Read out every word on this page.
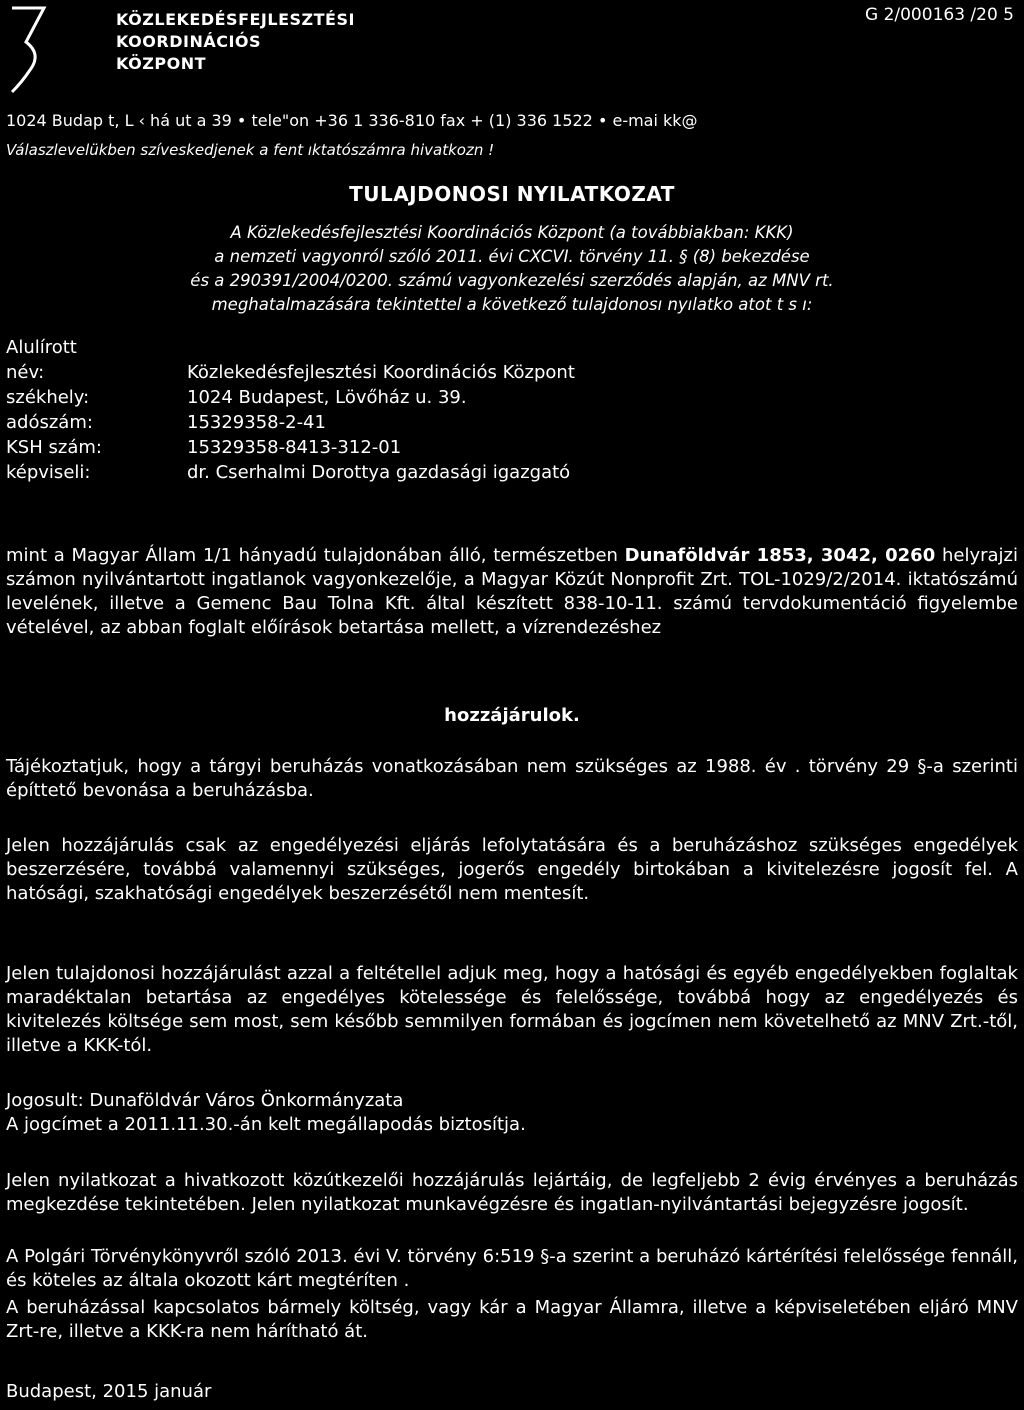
KÖZLEKEDÉSFEJLESZTÉSI
KOORDINÁCIÓS
KÖZPONT
G 2/000163 /20 5
1024 Budap t, L ‹ há ut a 39 • tele"on +36 1 336-810 fax + (1) 336 1522 • e-mai kk@
Válaszlevelükben szíveskedjenek a fent ıktatószámra hivatkozn !
TULAJDONOSI NYILATKOZAT
A Közlekedésfejlesztési Koordinációs Központ (a továbbiakban: KKK)
a nemzeti vagyonról szóló 2011. évi CXCVI. törvény 11. § (8) bekezdése
és a 290391/2004/0200. számú vagyonkezelési szerződés alapján, az MNV rt.
meghatalmazására tekintettel a következő tulajdonosı nyılatko atot t s ı:
Alulírott
név:	Közlekedésfejlesztési Koordinációs Központ
székhely:	1024 Budapest, Lövőház u. 39.
adószám:	15329358-2-41
KSH szám:	15329358-8413-312-01
képviseli:	dr. Cserhalmi Dorottya gazdasági igazgató
mint a Magyar Állam 1/1 hányadú tulajdonában álló, természetben Dunaföldvár 1853, 3042, 0260 helyrajzi számon nyilvántartott ingatlanok vagyonkezelője, a Magyar Közút Nonprofit Zrt. TOL-1029/2/2014. iktatószámú levelének, illetve a Gemenc Bau Tolna Kft. által készített 838-10-11. számú tervdokumentáció figyelembe vételével, az abban foglalt előírások betartása mellett, a vízrendezéshez
hozzájárulok.
Tájékoztatjuk, hogy a tárgyi beruházás vonatkozásában nem szükséges az 1988. év . törvény 29 §-a szerinti építtető bevonása a beruházásba.
Jelen hozzájárulás csak az engedélyezési eljárás lefolytatására és a beruházáshoz szükséges engedélyek beszerzésére, továbbá valamennyi szükséges, jogerős engedély birtokában a kivitelezésre jogosít fel. A hatósági, szakhatósági engedélyek beszerzésétől nem mentesít.
Jelen tulajdonosi hozzájárulást azzal a feltétellel adjuk meg, hogy a hatósági és egyéb engedélyekben foglaltak maradéktalan betartása az engedélyes kötelessége és felelőssége, továbbá hogy az engedélyezés és kivitelezés költsége sem most, sem később semmilyen formában és jogcímen nem követelhető az MNV Zrt.-től, illetve a KKK-tól.
Jogosult: Dunaföldvár Város Önkormányzata
A jogcímet a 2011.11.30.-án kelt megállapodás biztosítja.
Jelen nyilatkozat a hivatkozott közútkezelői hozzájárulás lejártáig, de legfeljebb 2 évig érvényes a beruházás megkezdése tekintetében. Jelen nyilatkozat munkavégzésre és ingatlan-nyilvántartási bejegyzésre jogosít.
A Polgári Törvénykönyvről szóló 2013. évi V. törvény 6:519 §-a szerint a beruházó kártérítési felelőssége fennáll, és köteles az általa okozott kárt megtéríten .
A beruházással kapcsolatos bármely költség, vagy kár a Magyar Államra, illetve a képviseletében eljáró MNV Zrt-re, illetve a KKK-ra nem hárítható át.
Budapest, 2015 január
